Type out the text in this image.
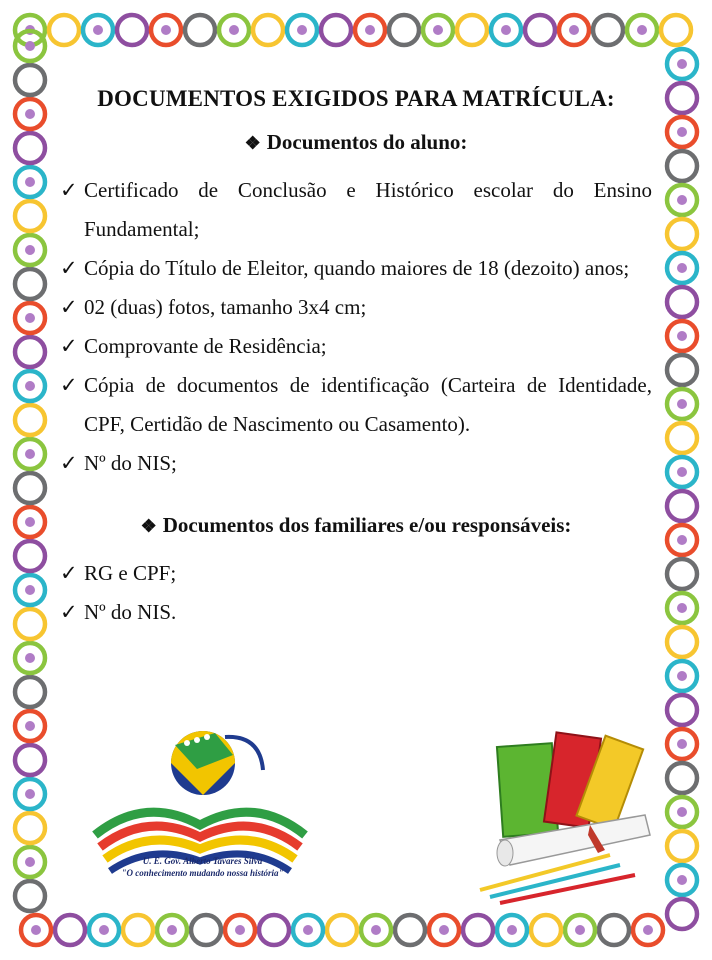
DOCUMENTOS EXIGIDOS PARA MATRÍCULA:
❖ Documentos do aluno:
✓ Certificado de Conclusão e Histórico escolar do Ensino Fundamental;
✓ Cópia do Título de Eleitor, quando maiores de 18 (dezoito) anos;
✓ 02 (duas) fotos, tamanho 3x4 cm;
✓ Comprovante de Residência;
✓ Cópia de documentos de identificação (Carteira de Identidade, CPF, Certidão de Nascimento ou Casamento).
✓ Nº do NIS;
❖ Documentos dos familiares e/ou responsáveis:
✓ RG e CPF;
✓ Nº do NIS.
U. E. Gov. Alberto Tavares Silva
"O conhecimento mudando nossa história"
